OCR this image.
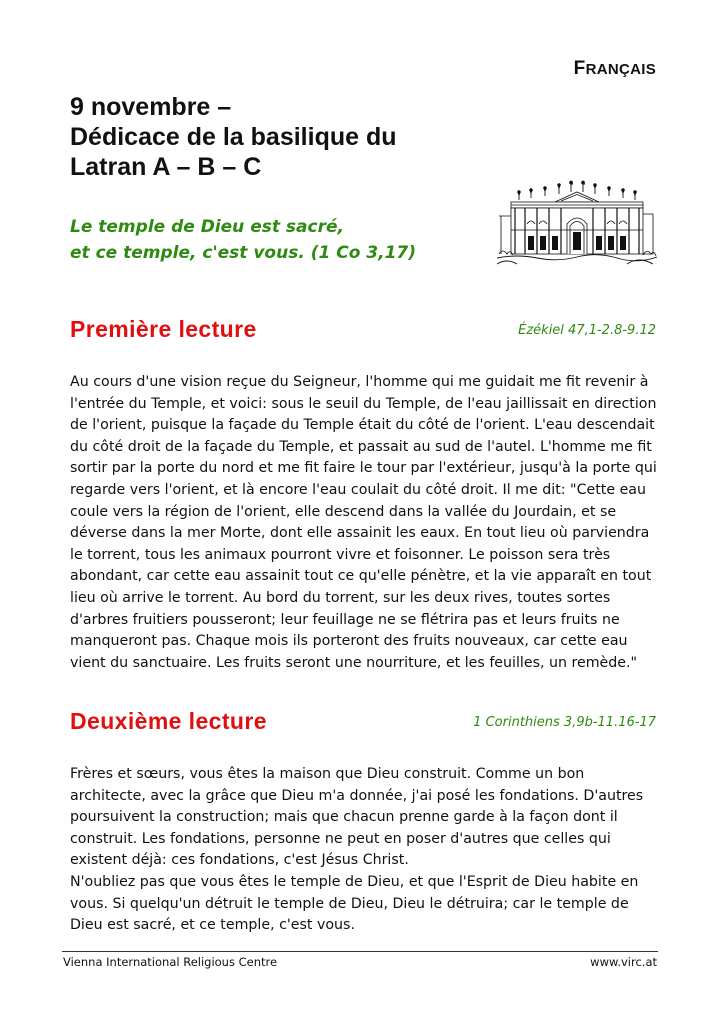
FRANÇAIS
9 novembre –
Dédicace de la basilique du
Latran A – B – C
Le temple de Dieu est sacré,
et ce temple, c'est vous. (1 Co 3,17)
Première lecture	Ézékiel 47,1-2.8-9.12

Au cours d'une vision reçue du Seigneur, l'homme qui me guidait me fit revenir à l'entrée du Temple, et voici: sous le seuil du Temple, de l'eau jaillissait en direction de l'orient, puisque la façade du Temple était du côté de l'orient. L'eau descendait du côté droit de la façade du Temple, et passait au sud de l'autel. L'homme me fit sortir par la porte du nord et me fit faire le tour par l'extérieur, jusqu'à la porte qui regarde vers l'orient, et là encore l'eau coulait du côté droit. Il me dit: "Cette eau coule vers la région de l'orient, elle descend dans la vallée du Jourdain, et se déverse dans la mer Morte, dont elle assainit les eaux. En tout lieu où parviendra le torrent, tous les animaux pourront vivre et foisonner. Le poisson sera très abondant, car cette eau assainit tout ce qu'elle pénètre, et la vie apparaît en tout lieu où arrive le torrent. Au bord du torrent, sur les deux rives, toutes sortes d'arbres fruitiers pousseront; leur feuillage ne se flétrira pas et leurs fruits ne manqueront pas. Chaque mois ils porteront des fruits nouveaux, car cette eau vient du sanctuaire. Les fruits seront une nourriture, et les feuilles, un remède."

Deuxième lecture	1 Corinthiens 3,9b-11.16-17
Frères et sœurs, vous êtes la maison que Dieu construit. Comme un bon architecte, avec la grâce que Dieu m'a donnée, j'ai posé les fondations. D'autres poursuivent la construction; mais que chacun prenne garde à la façon dont il construit. Les fondations, personne ne peut en poser d'autres que celles qui existent déjà: ces fondations, c'est Jésus Christ.
N'oubliez pas que vous êtes le temple de Dieu, et que l'Esprit de Dieu habite en vous. Si quelqu'un détruit le temple de Dieu, Dieu le détruira; car le temple de Dieu est sacré, et ce temple, c'est vous.
Vienna International Religious Centre	www.virc.at
